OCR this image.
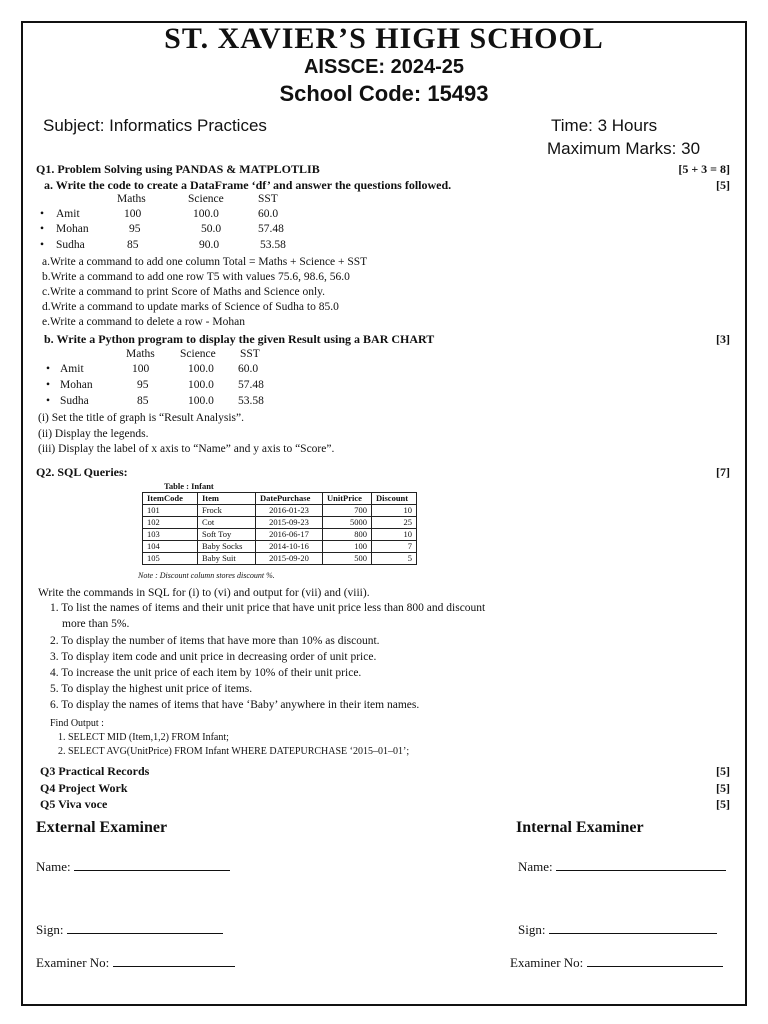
ST. XAVIER’S HIGH SCHOOL
AISSCE: 2024-25
School Code: 15493
Subject: Informatics Practices	Time: 3 Hours
Maximum Marks: 30
Q1. Problem Solving using PANDAS & MATPLOTLIB	[5 + 3 = 8]
a. Write the code to create a DataFrame ‘df’ and answer the questions followed.	[5]
Maths	Science	SST
• Amit	100	100.0	60.0
• Mohan	95	50.0	57.48
• Sudha	85	90.0	53.58
a.Write a command to add one column Total = Maths + Science + SST
b.Write a command to add one row T5 with values 75.6, 98.6, 56.0
c.Write a command to print Score of Maths and Science only.
d.Write a command to update marks of Science of Sudha to 85.0
e.Write a command to delete a row - Mohan
b. Write a Python program to display the given Result using a BAR CHART	[3]
Maths Science SST
• Amit	100	100.0 60.0
• Mohan	95	100.0 57.48
• Sudha	85	100.0 53.58
(i) Set the title of graph is “Result Analysis”.
(ii) Display the legends.
(iii) Display the label of x axis to “Name” and y axis to “Score”.
Q2. SQL Queries:	[7]
Table : Infant
ItemCode	Item	DatePurchase	UnitPrice	Discount
101	Frock	2016-01-23	700	10
102	Cot	2015-09-23	5000	25
103	Soft Toy	2016-06-17	800	10
104	Baby Socks	2014-10-16	100	7
105	Baby Suit	2015-09-20	500	5
Note : Discount column stores discount %.
Write the commands in SQL for (i) to (vi) and output for (vii) and (viii).
1. To list the names of items and their unit price that have unit price less than 800 and discount
more than 5%.
2. To display the number of items that have more than 10% as discount.
3. To display item code and unit price in decreasing order of unit price.
4. To increase the unit price of each item by 10% of their unit price.
5. To display the highest unit price of items.
6. To display the names of items that have ‘Baby’ anywhere in their item names.
Find Output :
1. SELECT MID (Item,1,2) FROM Infant;
2. SELECT AVG(UnitPrice) FROM Infant WHERE DATEPURCHASE ‘2015–01–01’;
Q3 Practical Records	[5]
Q4 Project Work	[5]
Q5 Viva voce	[5]
External Examiner	Internal Examiner
Name:	Name:
Sign:	Sign:
Examiner No:	Examiner No:
